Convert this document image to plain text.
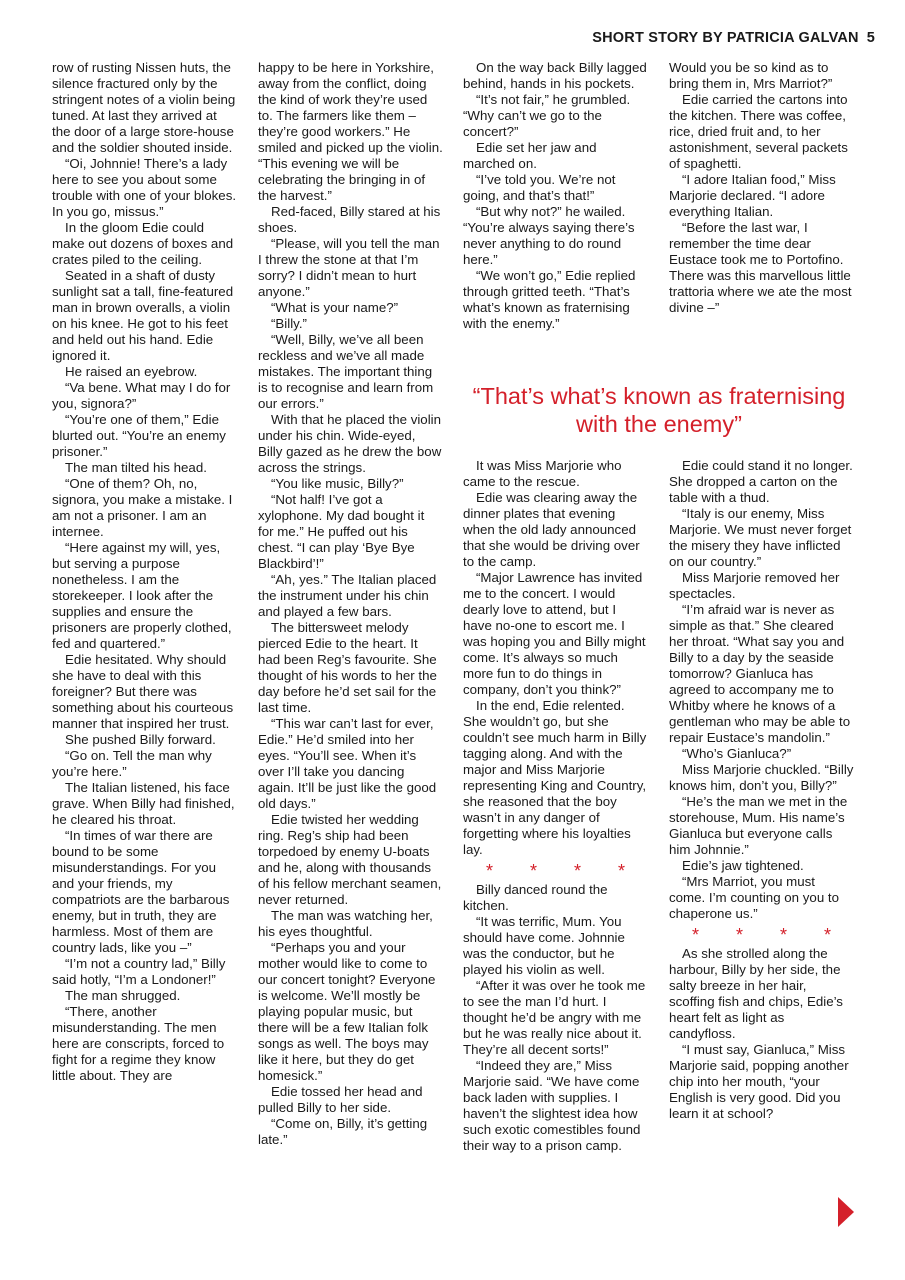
SHORT STORY BY PATRICIA GALVAN 5

row of rusting Nissen huts, the silence fractured only by the stringent notes of a violin being tuned. At last they arrived at the door of a large store-house and the soldier shouted inside.

“Oi, Johnnie! There’s a lady here to see you about some trouble with one of your blokes. In you go, missus.”

In the gloom Edie could make out dozens of boxes and crates piled to the ceiling.

Seated in a shaft of dusty sunlight sat a tall, fine-featured man in brown overalls, a violin on his knee. He got to his feet and held out his hand. Edie ignored it.

He raised an eyebrow.

“Va bene. What may I do for you, signora?”

“You’re one of them,” Edie blurted out. “You’re an enemy prisoner.”

The man tilted his head.

“One of them? Oh, no, signora, you make a mistake. I am not a prisoner. I am an internee.

“Here against my will, yes, but serving a purpose nonetheless. I am the storekeeper. I look after the supplies and ensure the prisoners are properly clothed, fed and quartered.”

Edie hesitated. Why should she have to deal with this foreigner? But there was something about his courteous manner that inspired her trust.

She pushed Billy forward.

“Go on. Tell the man why you’re here.”

The Italian listened, his face grave. When Billy had finished, he cleared his throat.

“In times of war there are bound to be some misunderstandings. For you and your friends, my compatriots are the barbarous enemy, but in truth, they are harmless. Most of them are country lads, like you –”

“I’m not a country lad,” Billy said hotly, “I’m a Londoner!”

The man shrugged.

“There, another misunderstanding. The men here are conscripts, forced to fight for a regime they know little about. They are

happy to be here in Yorkshire, away from the conflict, doing the kind of work they’re used to. The farmers like them – they’re good workers.” He smiled and picked up the violin. “This evening we will be celebrating the bringing in of the harvest.”

Red-faced, Billy stared at his shoes.

“Please, will you tell the man I threw the stone at that I’m sorry? I didn’t mean to hurt anyone.”

“What is your name?”

“Billy.”

“Well, Billy, we’ve all been reckless and we’ve all made mistakes. The important thing is to recognise and learn from our errors.”

With that he placed the violin under his chin. Wide-eyed, Billy gazed as he drew the bow across the strings.

“You like music, Billy?”

“Not half! I’ve got a xylophone. My dad bought it for me.” He puffed out his chest. “I can play ‘Bye Bye Blackbird’!”

“Ah, yes.” The Italian placed the instrument under his chin and played a few bars.

The bittersweet melody pierced Edie to the heart. It had been Reg’s favourite. She thought of his words to her the day before he’d set sail for the last time.

“This war can’t last for ever, Edie.” He’d smiled into her eyes. “You’ll see. When it’s over I’ll take you dancing again. It’ll be just like the good old days.”

Edie twisted her wedding ring. Reg’s ship had been torpedoed by enemy U-boats and he, along with thousands of his fellow merchant seamen, never returned.

The man was watching her, his eyes thoughtful.

“Perhaps you and your mother would like to come to our concert tonight? Everyone is welcome. We’ll mostly be playing popular music, but there will be a few Italian folk songs as well. The boys may like it here, but they do get homesick.”

Edie tossed her head and pulled Billy to her side.

“Come on, Billy, it’s getting late.”

On the way back Billy lagged behind, hands in his pockets.

“It’s not fair,” he grumbled. “Why can’t we go to the concert?”

Edie set her jaw and marched on.

“I’ve told you. We’re not going, and that’s that!”

“But why not?” he wailed. “You’re always saying there’s never anything to do round here.”

“We won’t go,” Edie replied through gritted teeth. “That’s what’s known as fraternising with the enemy.”

Would you be so kind as to bring them in, Mrs Marriot?”

Edie carried the cartons into the kitchen. There was coffee, rice, dried fruit and, to her astonishment, several packets of spaghetti.

“I adore Italian food,” Miss Marjorie declared. “I adore everything Italian.

“Before the last war, I remember the time dear Eustace took me to Portofino. There was this marvellous little trattoria where we ate the most divine –”

“That’s what’s known as fraternising with the enemy”

It was Miss Marjorie who came to the rescue.

Edie was clearing away the dinner plates that evening when the old lady announced that she would be driving over to the camp.

“Major Lawrence has invited me to the concert. I would dearly love to attend, but I have no-one to escort me. I was hoping you and Billy might come. It’s always so much more fun to do things in company, don’t you think?”

In the end, Edie relented. She wouldn’t go, but she couldn’t see much harm in Billy tagging along. And with the major and Miss Marjorie representing King and Country, she reasoned that the boy wasn’t in any danger of forgetting where his loyalties lay.

* * * *

Billy danced round the kitchen.

“It was terrific, Mum. You should have come. Johnnie was the conductor, but he played his violin as well.

“After it was over he took me to see the man I’d hurt. I thought he’d be angry with me but he was really nice about it. They’re all decent sorts!”

“Indeed they are,” Miss Marjorie said. “We have come back laden with supplies. I haven’t the slightest idea how such exotic comestibles found their way to a prison camp.

Edie could stand it no longer. She dropped a carton on the table with a thud.

“Italy is our enemy, Miss Marjorie. We must never forget the misery they have inflicted on our country.”

Miss Marjorie removed her spectacles.

“I’m afraid war is never as simple as that.” She cleared her throat. “What say you and Billy to a day by the seaside tomorrow? Gianluca has agreed to accompany me to Whitby where he knows of a gentleman who may be able to repair Eustace’s mandolin.”

“Who’s Gianluca?”

Miss Marjorie chuckled. “Billy knows him, don’t you, Billy?”

“He’s the man we met in the storehouse, Mum. His name’s Gianluca but everyone calls him Johnnie.”

Edie’s jaw tightened.

“Mrs Marriot, you must come. I’m counting on you to chaperone us.”

* * * *

As she strolled along the harbour, Billy by her side, the salty breeze in her hair, scoffing fish and chips, Edie’s heart felt as light as candyfloss.

“I must say, Gianluca,” Miss Marjorie said, popping another chip into her mouth, “your English is very good. Did you learn it at school?
